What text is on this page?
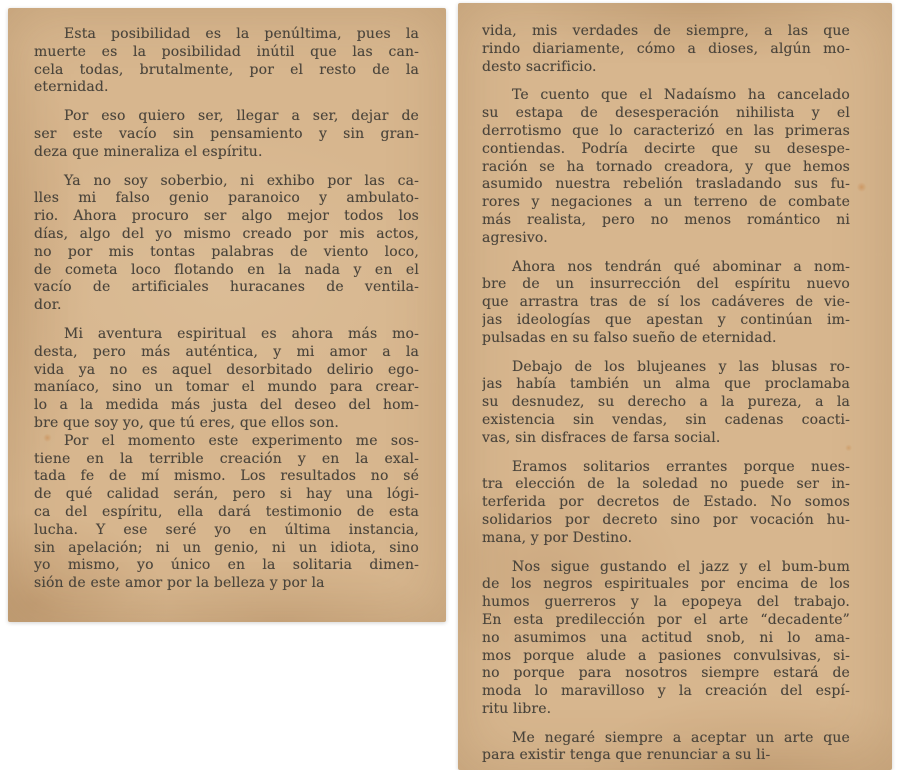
Esta posibilidad es la penúltima, pues la
muerte es la posibilidad inútil que las can-
cela todas, brutalmente, por el resto de la
eternidad.
Por eso quiero ser, llegar a ser, dejar de
ser este vacío sin pensamiento y sin gran-
deza que mineraliza el espíritu.
Ya no soy soberbio, ni exhibo por las ca-
lles mi falso genio paranoico y ambulato-
rio. Ahora procuro ser algo mejor todos los
días, algo del yo mismo creado por mis actos,
no por mis tontas palabras de viento loco,
de cometa loco flotando en la nada y en el
vacío de artificiales huracanes de ventila-
dor.
Mi aventura espiritual es ahora más mo-
desta, pero más auténtica, y mi amor a la
vida ya no es aquel desorbitado delirio ego-
maníaco, sino un tomar el mundo para crear-
lo a la medida más justa del deseo del hom-
bre que soy yo, que tú eres, que ellos son.
Por el momento este experimento me sos-
tiene en la terrible creación y en la exal-
tada fe de mí mismo. Los resultados no sé
de qué calidad serán, pero si hay una lógi-
ca del espíritu, ella dará testimonio de esta
lucha. Y ese seré yo en última instancia,
sin apelación; ni un genio, ni un idiota, sino
yo mismo, yo único en la solitaria dimen-
sión de este amor por la belleza y por la
vida, mis verdades de siempre, a las que
rindo diariamente, cómo a dioses, algún mo-
desto sacrificio.
Te cuento que el Nadaísmo ha cancelado
su estapa de desesperación nihilista y el
derrotismo que lo caracterizó en las primeras
contiendas. Podría decirte que su desespe-
ración se ha tornado creadora, y que hemos
asumido nuestra rebelión trasladando sus fu-
rores y negaciones a un terreno de combate
más realista, pero no menos romántico ni
agresivo.
Ahora nos tendrán qué abominar a nom-
bre de un insurrección del espíritu nuevo
que arrastra tras de sí los cadáveres de vie-
jas ideologías que apestan y continúan im-
pulsadas en su falso sueño de eternidad.
Debajo de los blujeanes y las blusas ro-
jas había también un alma que proclamaba
su desnudez, su derecho a la pureza, a la
existencia sin vendas, sin cadenas coacti-
vas, sin disfraces de farsa social.
Eramos solitarios errantes porque nues-
tra elección de la soledad no puede ser in-
terferida por decretos de Estado. No somos
solidarios por decreto sino por vocación hu-
mana, y por Destino.
Nos sigue gustando el jazz y el bum-bum
de los negros espirituales por encima de los
humos guerreros y la epopeya del trabajo.
En esta predilección por el arte “decadente”
no asumimos una actitud snob, ni lo ama-
mos porque alude a pasiones convulsivas, si-
no porque para nosotros siempre estará de
moda lo maravilloso y la creación del espí-
ritu libre.
Me negaré siempre a aceptar un arte que
para existir tenga que renunciar a su li-
